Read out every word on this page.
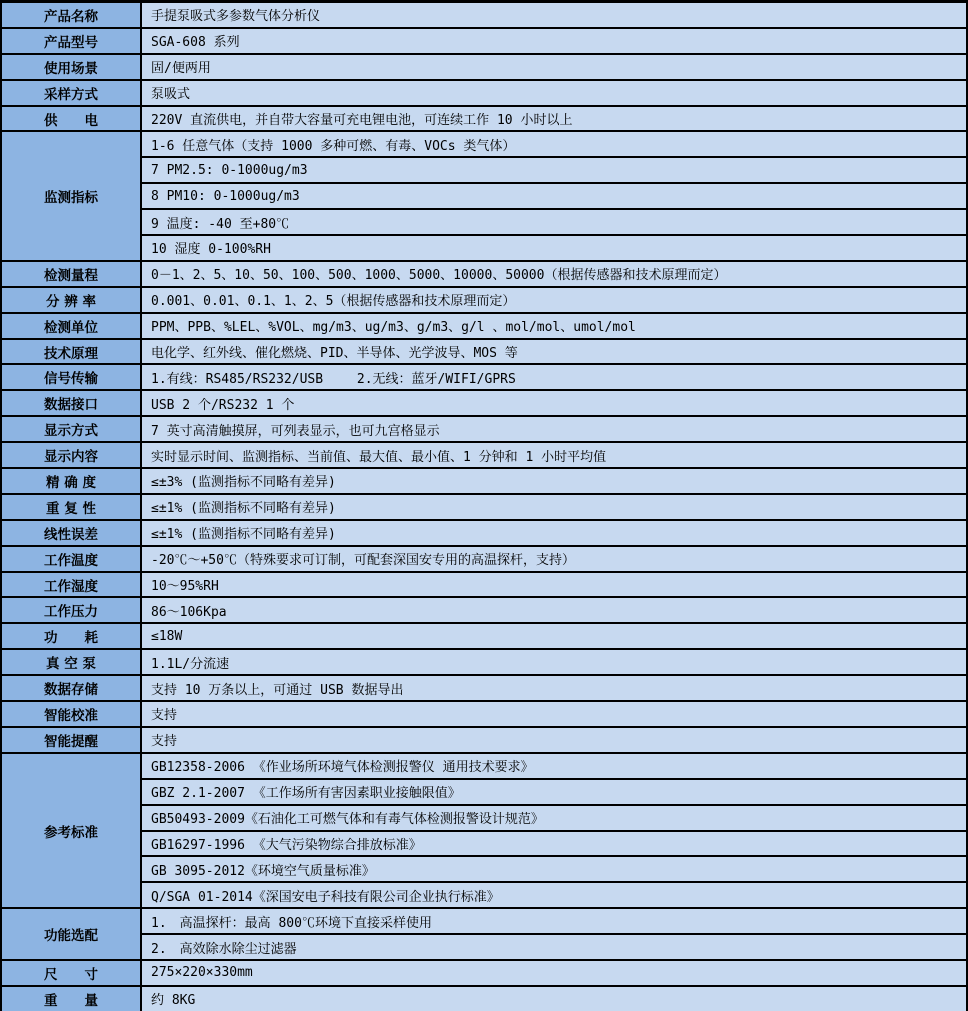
产品名称	手提泵吸式多参数气体分析仪
产品型号	SGA-608 系列
使用场景	固/便两用
采样方式	泵吸式
供　　电	220V 直流供电，并自带大容量可充电锂电池，可连续工作 10 小时以上
监测指标	1-6 任意气体（支持 1000 多种可燃、有毒、VOCs 类气体）
	7 PM2.5: 0-1000ug/m3
	8 PM10: 0-1000ug/m3
	9 温度: -40 至+80℃
	10 湿度 0-100%RH
检测量程	0－1、2、5、10、50、100、500、1000、5000、10000、50000（根据传感器和技术原理而定）
分 辨 率	0.001、0.01、0.1、1、2、5（根据传感器和技术原理而定）
检测单位	PPM、PPB、%LEL、%VOL、mg/m3、ug/m3、g/m3、g/l 、mol/mol、umol/mol
技术原理	电化学、红外线、催化燃烧、PID、半导体、光学波导、MOS 等
信号传输	1.有线：RS485/RS232/USB　　 2.无线：蓝牙/WIFI/GPRS
数据接口	USB 2 个/RS232 1 个
显示方式	7 英寸高清触摸屏，可列表显示，也可九宫格显示
显示内容	实时显示时间、监测指标、当前值、最大值、最小值、1 分钟和 1 小时平均值
精 确 度	≤±3% (监测指标不同略有差异)
重 复 性	≤±1% (监测指标不同略有差异)
线性误差	≤±1% (监测指标不同略有差异)
工作温度	-20℃～+50℃（特殊要求可订制，可配套深国安专用的高温探杆，支持）
工作湿度	10～95%RH
工作压力	86～106Kpa
功　　耗	≤18W
真 空 泵	1.1L/分流速
数据存储	支持 10 万条以上，可通过 USB 数据导出
智能校准	支持
智能提醒	支持
参考标准	GB12358-2006 《作业场所环境气体检测报警仪 通用技术要求》
	GBZ 2.1-2007 《工作场所有害因素职业接触限值》
	GB50493-2009《石油化工可燃气体和有毒气体检测报警设计规范》
	GB16297-1996 《大气污染物综合排放标准》
	GB 3095-2012《环境空气质量标准》
	Q/SGA 01-2014《深国安电子科技有限公司企业执行标准》
功能选配	1.　高温探杆：最高 800℃环境下直接采样使用
	2.　高效除水除尘过滤器
尺　　寸	275×220×330mm
重　　量	约 8KG
